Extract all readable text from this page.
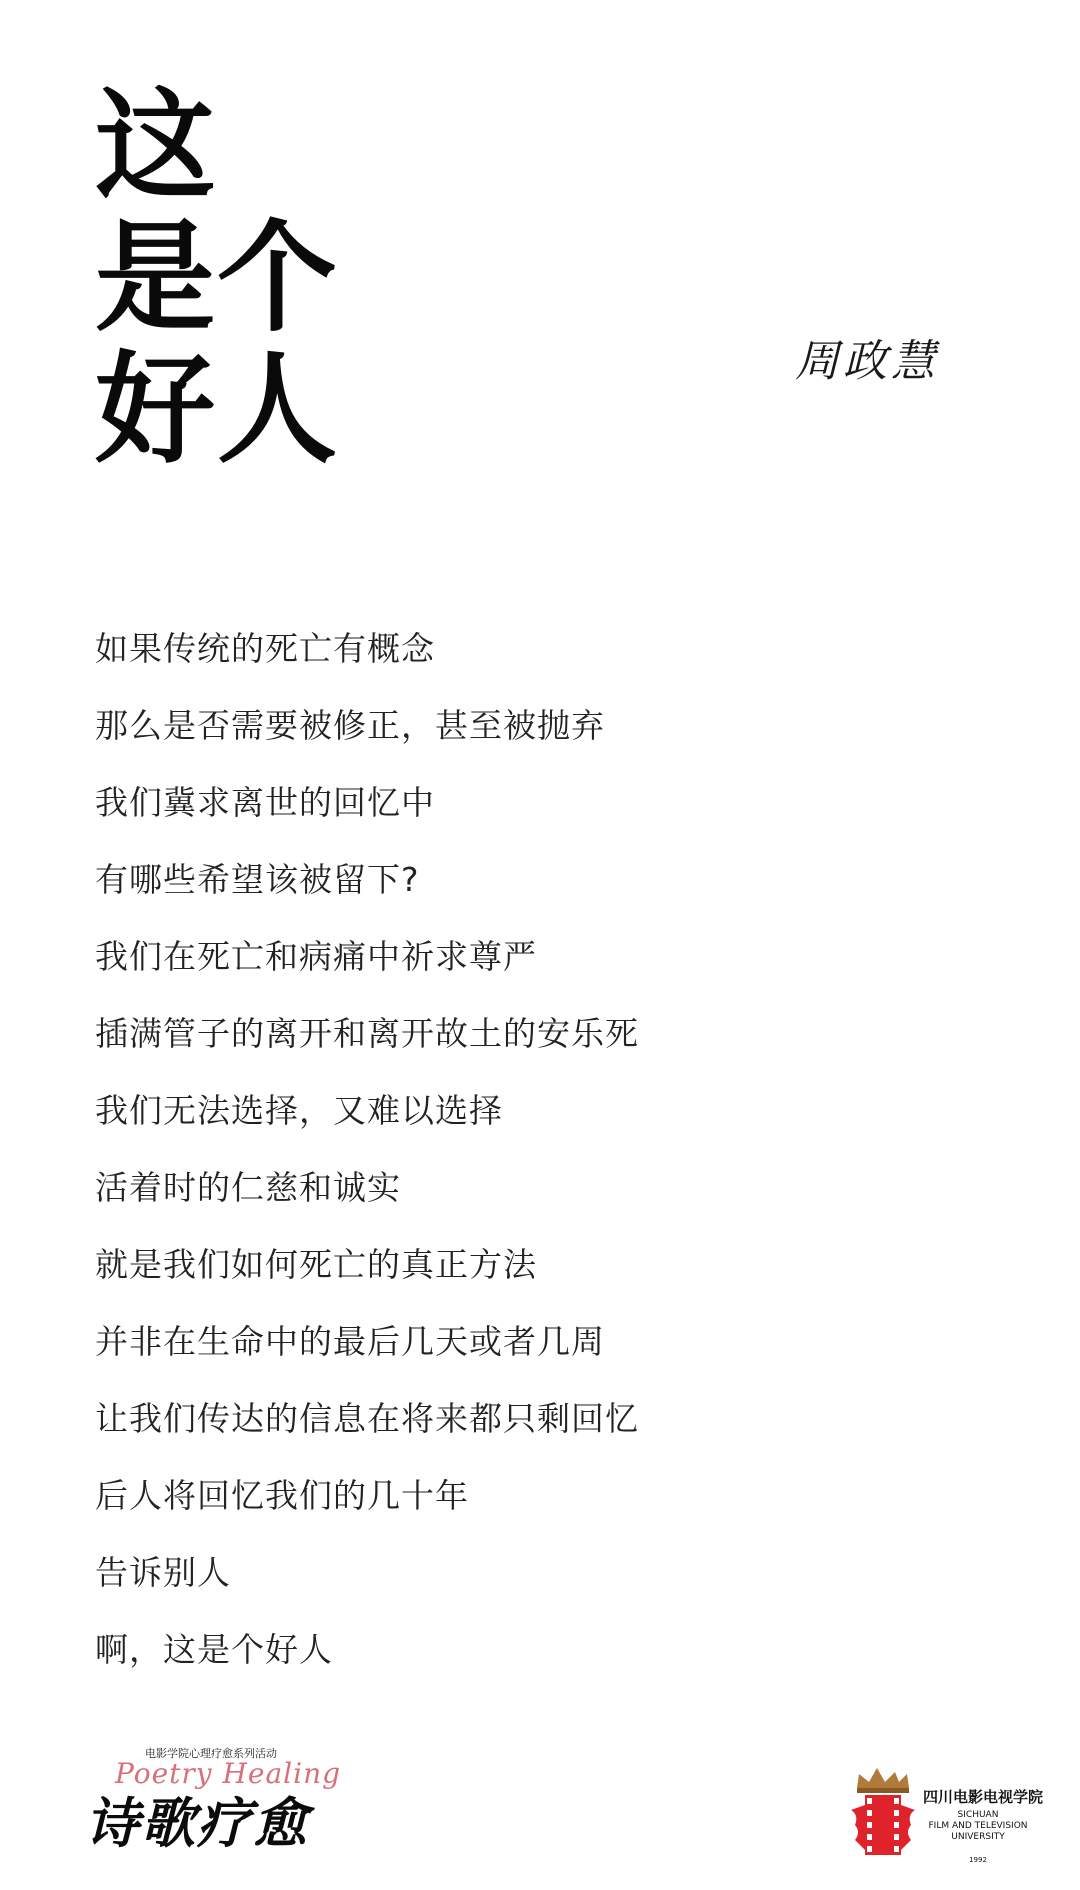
这
是个
好人	周政慧
如果传统的死亡有概念
那么是否需要被修正，甚至被抛弃
我们冀求离世的回忆中
有哪些希望该被留下?
我们在死亡和病痛中祈求尊严
插满管子的离开和离开故土的安乐死
我们无法选择，又难以选择
活着时的仁慈和诚实
就是我们如何死亡的真正方法
并非在生命中的最后几天或者几周
让我们传达的信息在将来都只剩回忆
后人将回忆我们的几十年
告诉别人
啊，这是个好人
电影学院心理疗愈系列活动
Poetry Healing
诗歌疗愈	四川电影电视学院
SICHUAN
FILM AND TELEVISION
UNIVERSITY
1992
